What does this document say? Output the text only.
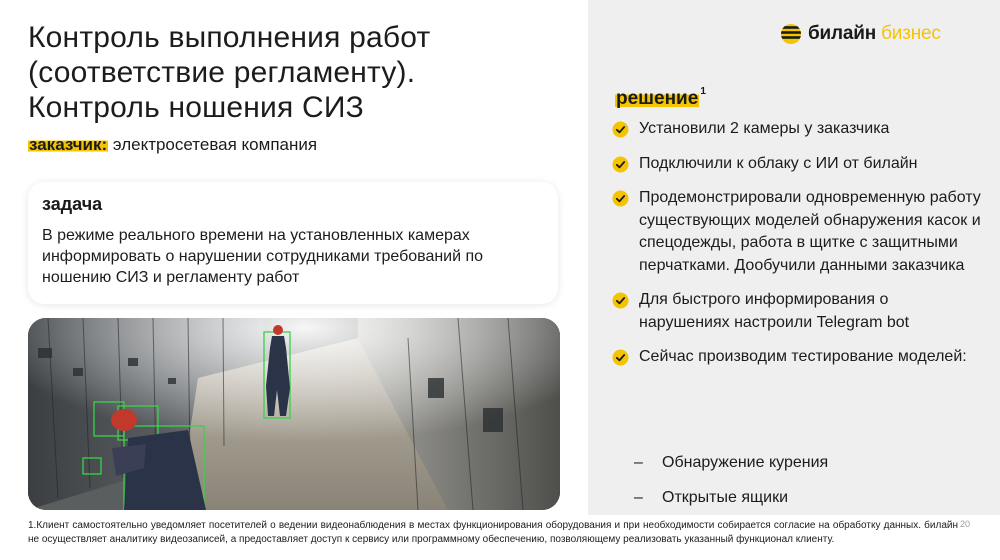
Контроль выполнения работ
(соответствие регламенту).
Контроль ношения СИЗ
билайн бизнес
заказчик: электросетевая компания
задача
В режиме реального времени на установленных камерах информировать о нарушении сотрудниками требований по ношению СИЗ и регламенту работ
решение $^1$
Установили 2 камеры у заказчика
Подключили к облаку с ИИ от билайн
Продемонстрировали одновременную работу существующих моделей обнаружения касок и спецодежды, работа в щитке с защитными перчатками. Дообучили данными заказчика
Для быстрого информирования о нарушениях настроили Telegram bot
Сейчас производим тестирование моделей:
– Обнаружение курения
– Открытые ящики
1.Клиент самостоятельно уведомляет посетителей о ведении видеонаблюдения в местах функционирования оборудования и при необходимости собирается согласие на обработку данных. билайн не осуществляет аналитику видеозаписей, а предоставляет доступ к сервису или программному обеспечению, позволяющему реализовать указанный функционал клиенту.
20
